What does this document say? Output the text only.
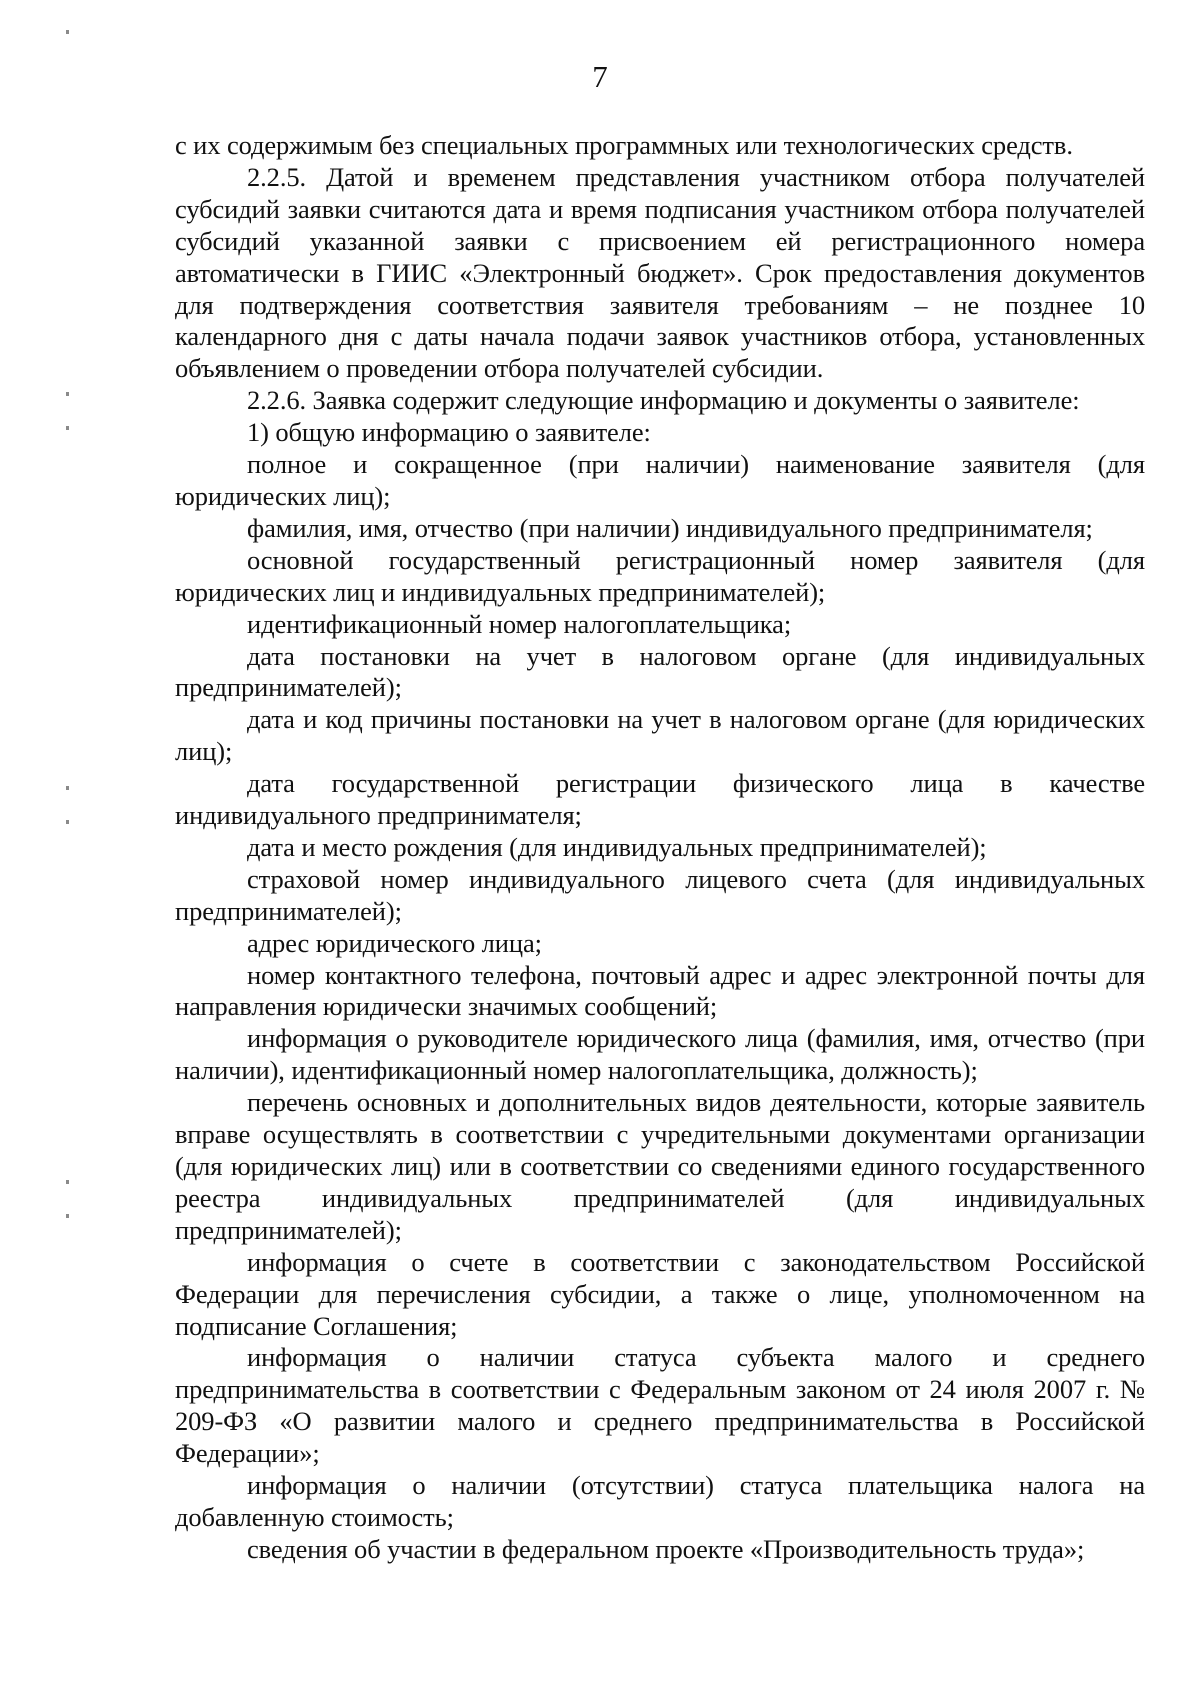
7

с их содержимым без специальных программных или технологических средств.

2.2.5. Датой и временем представления участником отбора получателей субсидий заявки считаются дата и время подписания участником отбора получателей субсидий указанной заявки с присвоением ей регистрационного номера автоматически в ГИИС «Электронный бюджет». Срок предоставления документов для подтверждения соответствия заявителя требованиям – не позднее 10 календарного дня с даты начала подачи заявок участников отбора, установленных объявлением о проведении отбора получателей субсидии.

2.2.6. Заявка содержит следующие информацию и документы о заявителе:

1) общую информацию о заявителе:

полное и сокращенное (при наличии) наименование заявителя (для юридических лиц);

фамилия, имя, отчество (при наличии) индивидуального предпринимателя;

основной государственный регистрационный номер заявителя (для юридических лиц и индивидуальных предпринимателей);

идентификационный номер налогоплательщика;

дата постановки на учет в налоговом органе (для индивидуальных предпринимателей);

дата и код причины постановки на учет в налоговом органе (для юридических лиц);

дата государственной регистрации физического лица в качестве индивидуального предпринимателя;

дата и место рождения (для индивидуальных предпринимателей);

страховой номер индивидуального лицевого счета (для индивидуальных предпринимателей);

адрес юридического лица;

номер контактного телефона, почтовый адрес и адрес электронной почты для направления юридически значимых сообщений;

информация о руководителе юридического лица (фамилия, имя, отчество (при наличии), идентификационный номер налогоплательщика, должность);

перечень основных и дополнительных видов деятельности, которые заявитель вправе осуществлять в соответствии с учредительными документами организации (для юридических лиц) или в соответствии со сведениями единого государственного реестра индивидуальных предпринимателей (для индивидуальных предпринимателей);

информация о счете в соответствии с законодательством Российской Федерации для перечисления субсидии, а также о лице, уполномоченном на подписание Соглашения;

информация о наличии статуса субъекта малого и среднего предпринимательства в соответствии с Федеральным законом от 24 июля 2007 г. № 209-ФЗ «О развитии малого и среднего предпринимательства в Российской Федерации»;

информация о наличии (отсутствии) статуса плательщика налога на добавленную стоимость;

сведения об участии в федеральном проекте «Производительность труда»;
